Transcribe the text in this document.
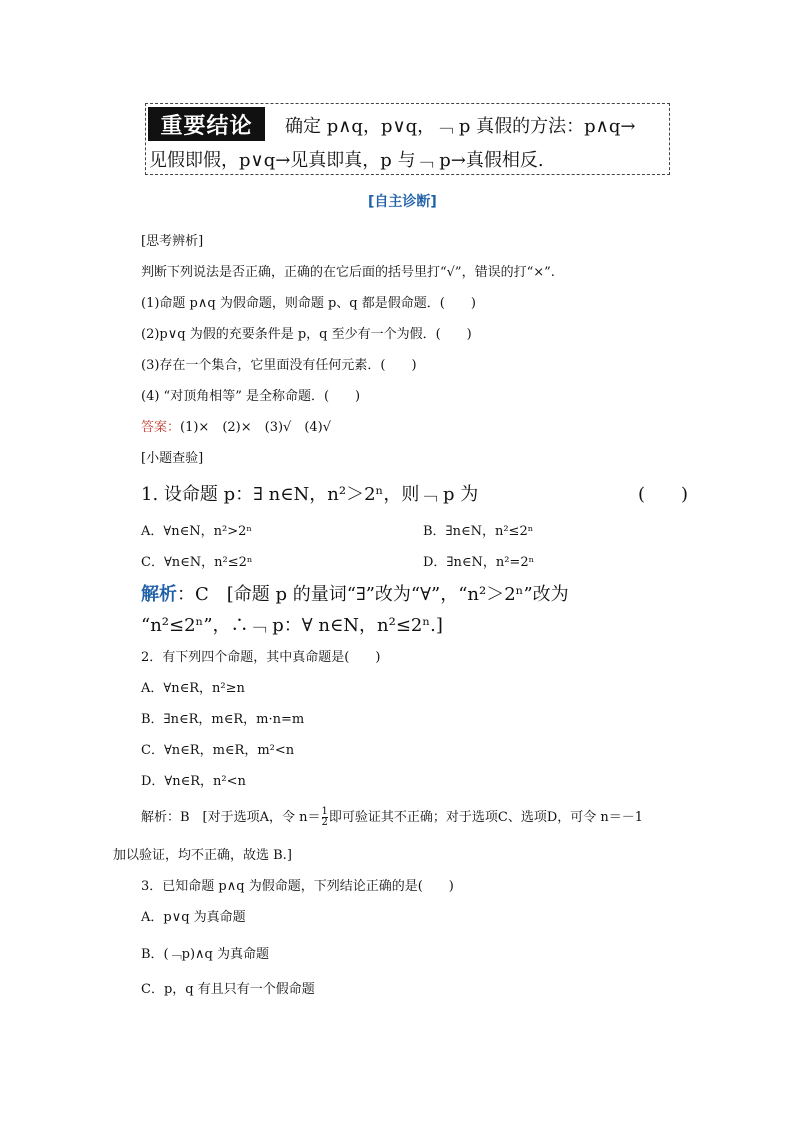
重要结论	确定 p∧q，p∨q，﹁ p 真假的方法：p∧q→
见假即假，p∨q→见真即真，p 与﹁ p→真假相反.
[自主诊断]
[思考辨析]
判断下列说法是否正确，正确的在它后面的括号里打“√”，错误的打“×”.
(1)命题 p∧q 为假命题，则命题 p、q 都是假命题．(　　)
(2)p∨q 为假的充要条件是 p，q 至少有一个为假．(　　)
(3)存在一个集合，它里面没有任何元素．(　　)
(4) “对顶角相等” 是全称命题．(　　)
答案：(1)×　(2)×　(3)√　(4)√
[小题查验]
1. 设命题 p：∃ n∈N，n²＞2ⁿ，则﹁ p 为	(　　)
A．∀n∈N，n²>2ⁿ	B．∃n∈N，n²≤2ⁿ
C．∀n∈N，n²≤2ⁿ	D．∃n∈N，n²=2ⁿ
解析：C　[命题 p 的量词“∃”改为“∀”，“n²＞2ⁿ”改为
“n²≤2ⁿ”，∴﹁ p：∀ n∈N，n²≤2ⁿ.]
2．有下列四个命题，其中真命题是(　　)
A．∀n∈R，n²≥n
B．∃n∈R，m∈R，m·n=m
C．∀n∈R，m∈R，m²<n
D．∀n∈R，n²<n
解析：B　[对于选项A，令 $n= \frac{1}{2}$ 即可验证其不正确；对于选项C、选项D，可令 n＝－1
加以验证，均不正确，故选 B.]
3．已知命题 p∧q 为假命题，下列结论正确的是(　　)
A．p∨q 为真命题
B．(﹁p)∧q 为真命题
C．p，q 有且只有一个假命题
